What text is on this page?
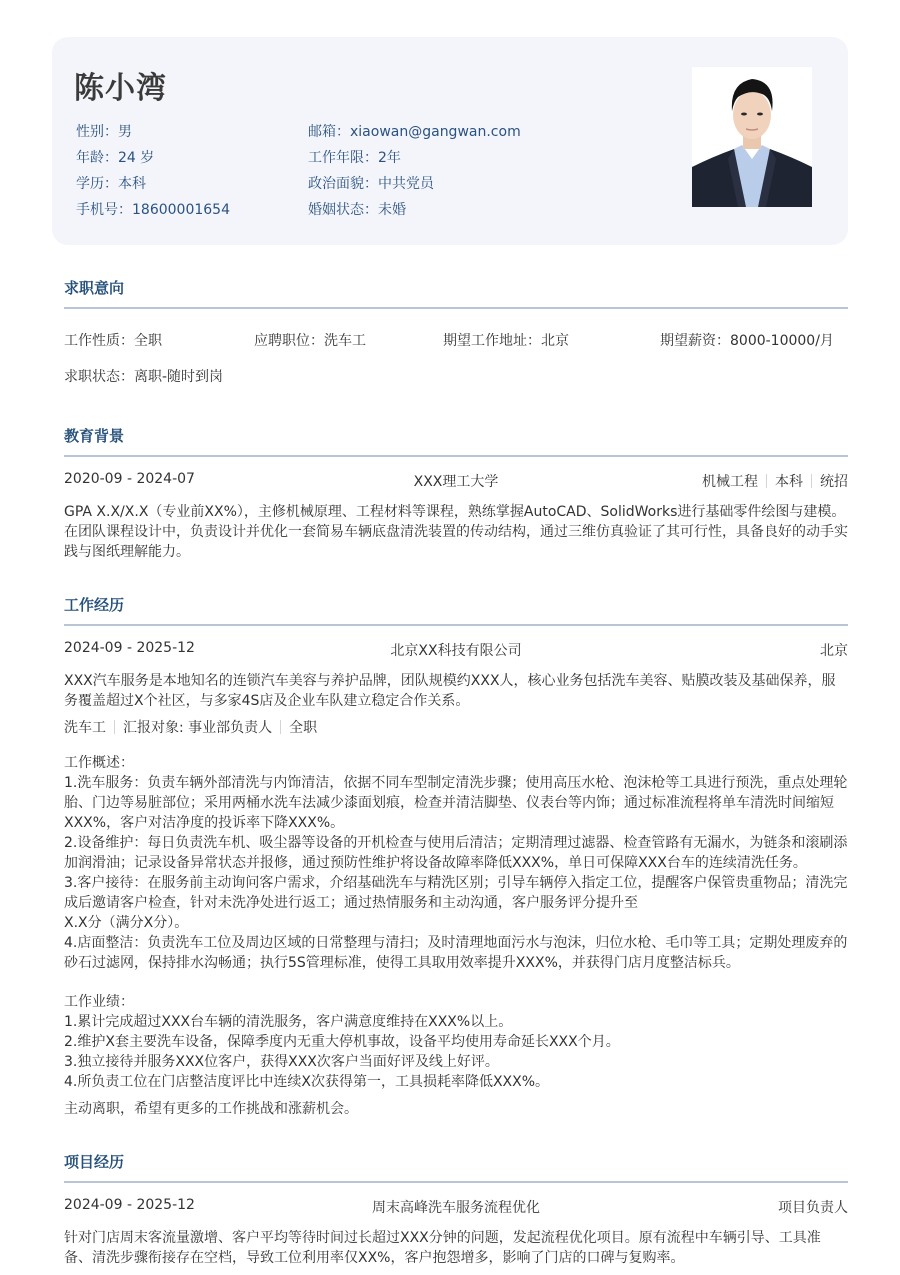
陈小湾
性别：男
年龄：24 岁
学历：本科
手机号：18600001654
邮箱：xiaowan@gangwan.com
工作年限：2年
政治面貌：中共党员
婚姻状态：未婚
求职意向
工作性质：全职	应聘职位：洗车工	期望工作地址：北京	期望薪资：8000-10000/月
求职状态：离职-随时到岗
教育背景
2020-09 - 2024-07	XXX理工大学	机械工程 本科 统招
GPA X.X/X.X（专业前XX%），主修机械原理、工程材料等课程，熟练掌握AutoCAD、SolidWorks进行基础零件绘图与建模。在团队课程设计中，负责设计并优化一套简易车辆底盘清洗装置的传动结构，通过三维仿真验证了其可行性，具备良好的动手实践与图纸理解能力。
工作经历
2024-09 - 2025-12	北京XX科技有限公司	北京
XXX汽车服务是本地知名的连锁汽车美容与养护品牌，团队规模约XXX人，核心业务包括洗车美容、贴膜改装及基础保养，服务覆盖超过X个社区，与多家4S店及企业车队建立稳定合作关系。
洗车工 汇报对象: 事业部负责人 全职
工作概述：
1.洗车服务：负责车辆外部清洗与内饰清洁，依据不同车型制定清洗步骤；使用高压水枪、泡沫枪等工具进行预洗，重点处理轮胎、门边等易脏部位；采用两桶水洗车法减少漆面划痕，检查并清洁脚垫、仪表台等内饰；通过标准流程将单车清洗时间缩短XXX%，客户对洁净度的投诉率下降XXX%。
2.设备维护：每日负责洗车机、吸尘器等设备的开机检查与使用后清洁；定期清理过滤器、检查管路有无漏水，为链条和滚刷添加润滑油；记录设备异常状态并报修，通过预防性维护将设备故障率降低XXX%，单日可保障XXX台车的连续清洗任务。
3.客户接待：在服务前主动询问客户需求，介绍基础洗车与精洗区别；引导车辆停入指定工位，提醒客户保管贵重物品；清洗完成后邀请客户检查，针对未洗净处进行返工；通过热情服务和主动沟通，客户服务评分提升至
X.X分（满分X分）。
4.店面整洁：负责洗车工位及周边区域的日常整理与清扫；及时清理地面污水与泡沫，归位水枪、毛巾等工具；定期处理废弃的砂石过滤网，保持排水沟畅通；执行5S管理标准，使得工具取用效率提升XXX%，并获得门店月度整洁标兵。
工作业绩：
1.累计完成超过XXX台车辆的清洗服务，客户满意度维持在XXX%以上。
2.维护X套主要洗车设备，保障季度内无重大停机事故，设备平均使用寿命延长XXX个月。
3.独立接待并服务XXX位客户，获得XXX次客户当面好评及线上好评。
4.所负责工位在门店整洁度评比中连续X次获得第一，工具损耗率降低XXX%。
主动离职，希望有更多的工作挑战和涨薪机会。
项目经历
2024-09 - 2025-12	周末高峰洗车服务流程优化	项目负责人
针对门店周末客流量激增、客户平均等待时间过长超过XXX分钟的问题，发起流程优化项目。原有流程中车辆引导、工具准备、清洗步骤衔接存在空档，导致工位利用率仅XX%，客户抱怨增多，影响了门店的口碑与复购率。
